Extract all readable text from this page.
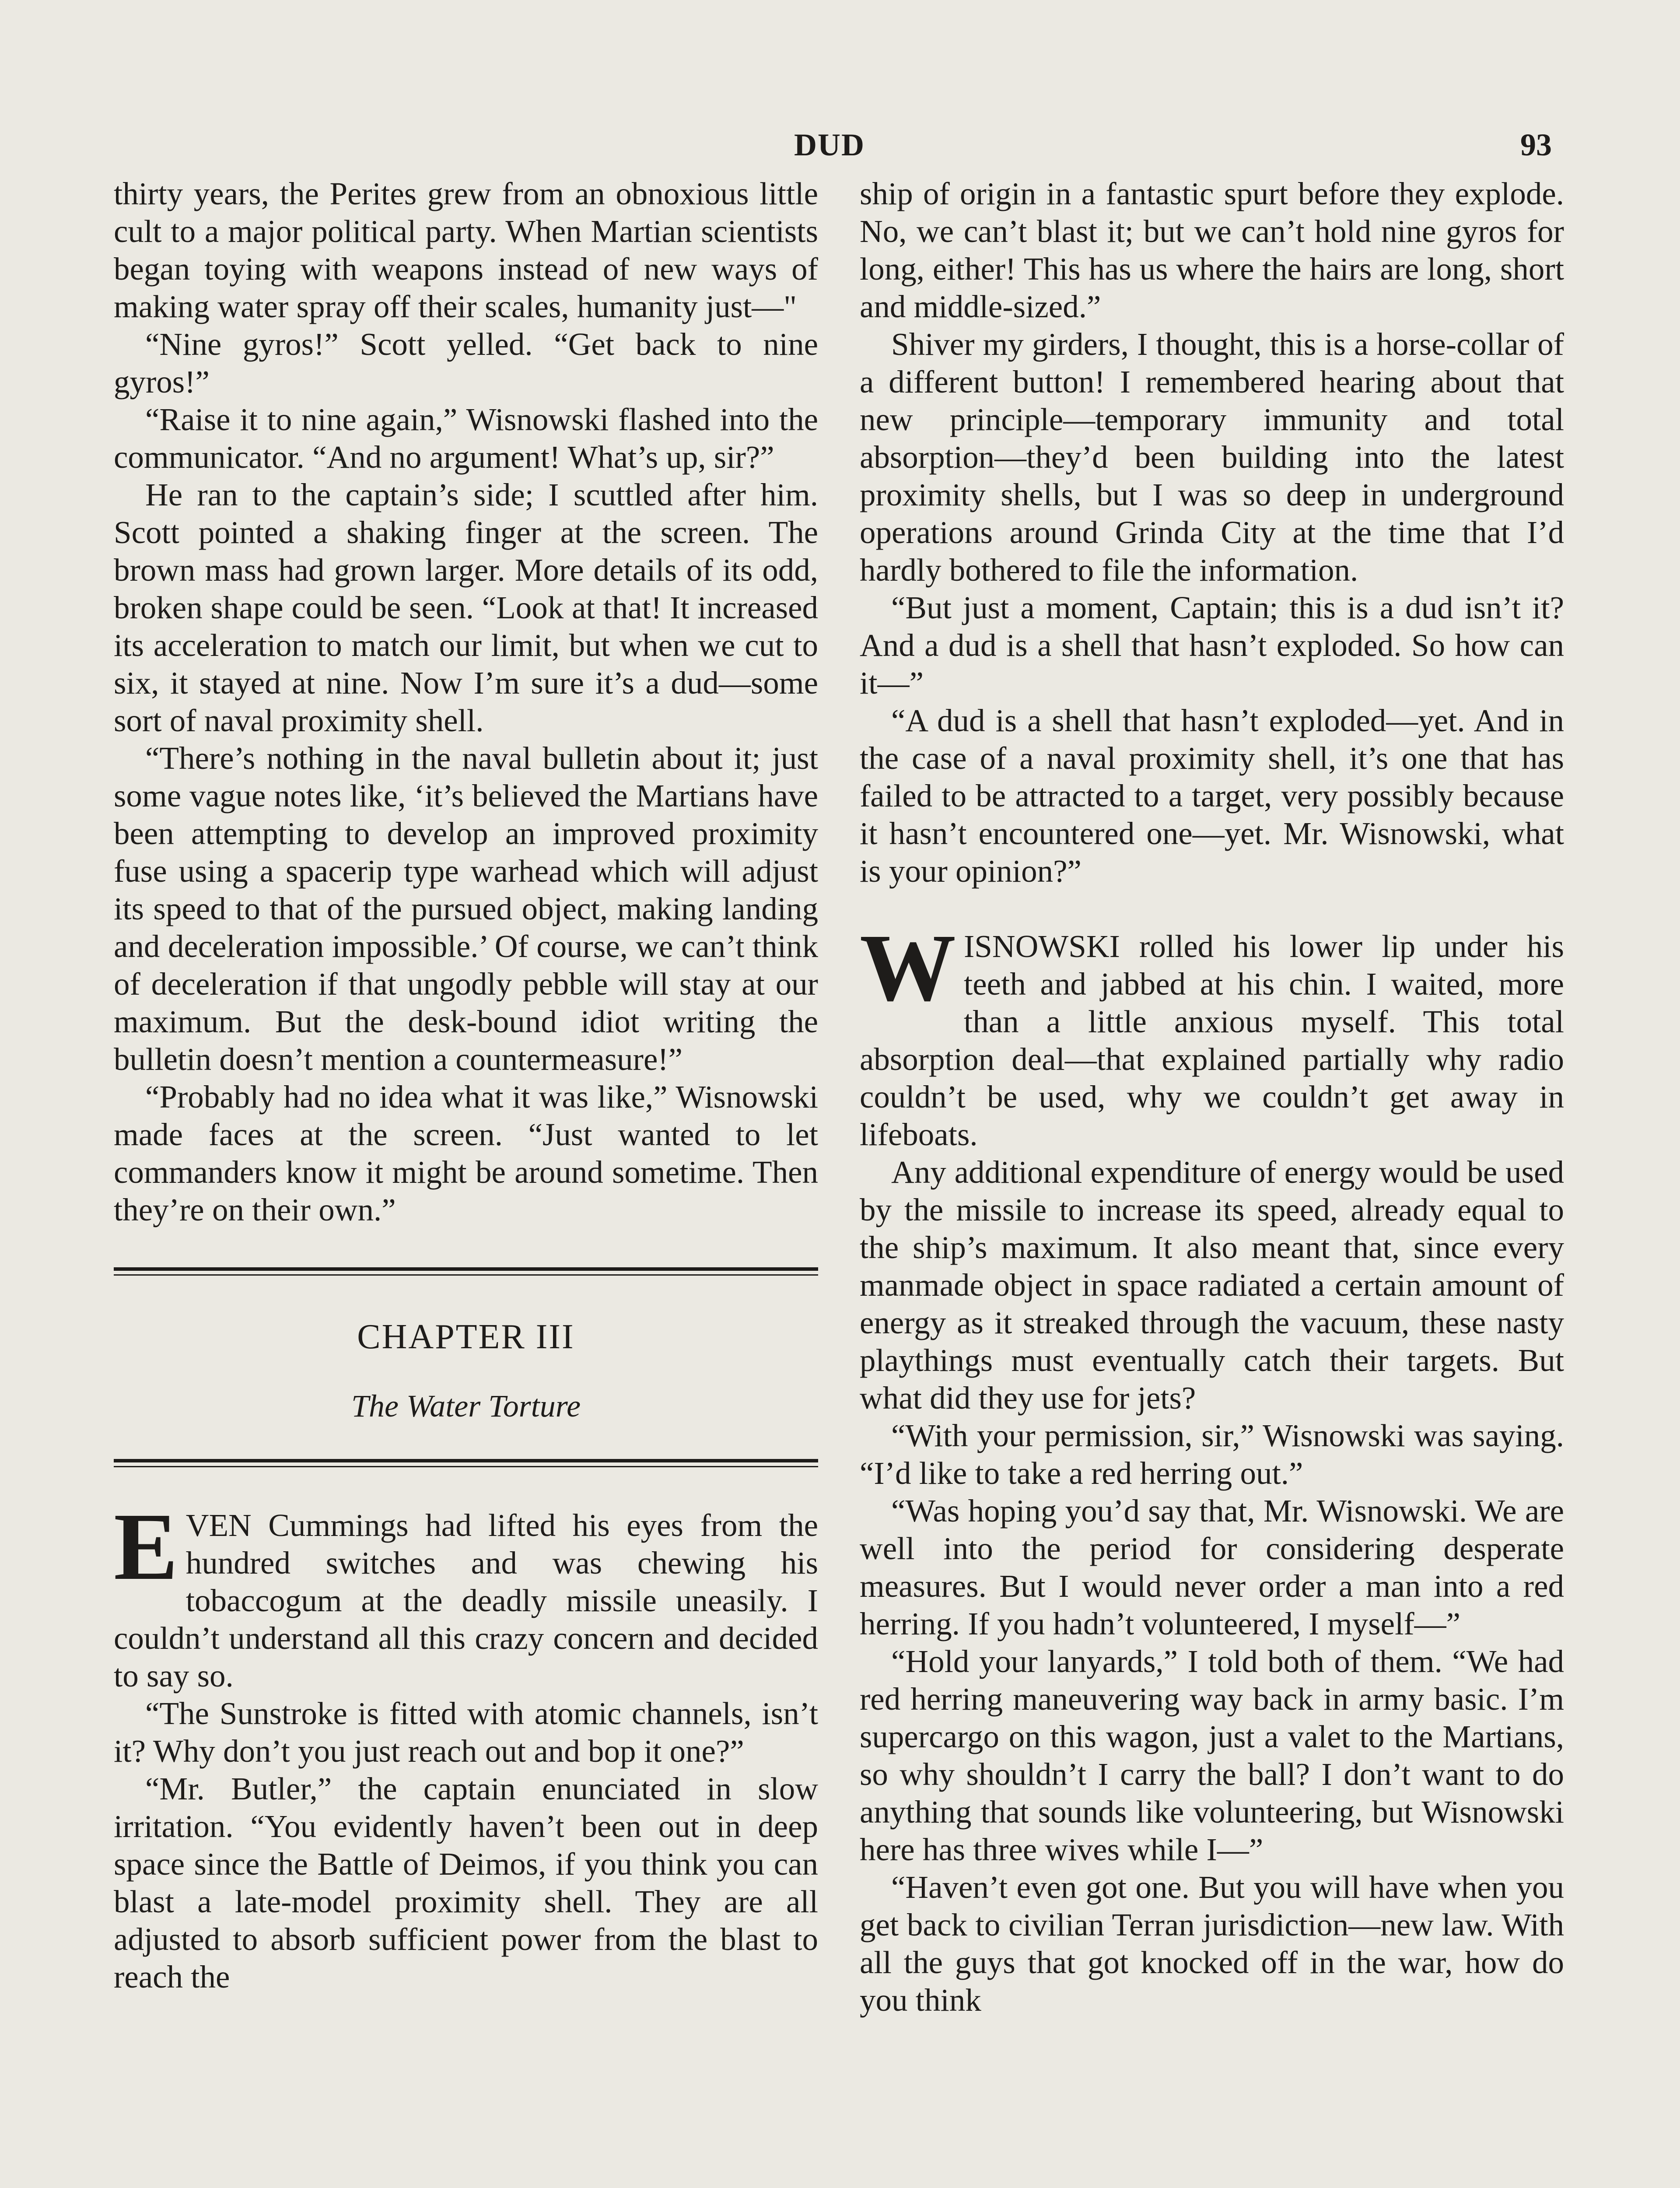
DUD	93

thirty years, the Perites grew from an obnoxious little cult to a major political party. When Martian scientists began toying with weapons instead of new ways of making water spray off their scales, humanity just—"

“Nine gyros!” Scott yelled. “Get back to nine gyros!”

“Raise it to nine again,” Wisnowski flashed into the communicator. “And no argument! What’s up, sir?”

He ran to the captain’s side; I scuttled after him. Scott pointed a shaking finger at the screen. The brown mass had grown larger. More details of its odd, broken shape could be seen. “Look at that! It increased its acceleration to match our limit, but when we cut to six, it stayed at nine. Now I’m sure it’s a dud—some sort of naval proximity shell.

“There’s nothing in the naval bulletin about it; just some vague notes like, ‘it’s believed the Martians have been attempting to develop an improved proximity fuse using a spacerip type warhead which will adjust its speed to that of the pursued object, making landing and deceleration impossible.’ Of course, we can’t think of deceleration if that ungodly pebble will stay at our maximum. But the desk-bound idiot writing the bulletin doesn’t mention a countermeasure!”

“Probably had no idea what it was like,” Wisnowski made faces at the screen. “Just wanted to let commanders know it might be around sometime. Then they’re on their own.”

CHAPTER III
The Water Torture

EVEN Cummings had lifted his eyes from the hundred switches and was chewing his tobaccogum at the deadly missile uneasily. I couldn’t understand all this crazy concern and decided to say so.

“The Sunstroke is fitted with atomic channels, isn’t it? Why don’t you just reach out and bop it one?”

“Mr. Butler,” the captain enunciated in slow irritation. “You evidently haven’t been out in deep space since the Battle of Deimos, if you think you can blast a late-model proximity shell. They are all adjusted to absorb sufficient power from the blast to reach the

ship of origin in a fantastic spurt before they explode. No, we can’t blast it; but we can’t hold nine gyros for long, either! This has us where the hairs are long, short and middle-sized.”

Shiver my girders, I thought, this is a horse-collar of a different button! I remembered hearing about that new principle—temporary immunity and total absorption—they’d been building into the latest proximity shells, but I was so deep in underground operations around Grinda City at the time that I’d hardly bothered to file the information.

“But just a moment, Captain; this is a dud isn’t it? And a dud is a shell that hasn’t exploded. So how can it—”

“A dud is a shell that hasn’t exploded—yet. And in the case of a naval proximity shell, it’s one that has failed to be attracted to a target, very possibly because it hasn’t encountered one—yet. Mr. Wisnowski, what is your opinion?”

WISNOWSKI rolled his lower lip under his teeth and jabbed at his chin. I waited, more than a little anxious myself. This total absorption deal—that explained partially why radio couldn’t be used, why we couldn’t get away in lifeboats.

Any additional expenditure of energy would be used by the missile to increase its speed, already equal to the ship’s maximum. It also meant that, since every manmade object in space radiated a certain amount of energy as it streaked through the vacuum, these nasty playthings must eventually catch their targets. But what did they use for jets?

“With your permission, sir,” Wisnowski was saying. “I’d like to take a red herring out.”

“Was hoping you’d say that, Mr. Wisnowski. We are well into the period for considering desperate measures. But I would never order a man into a red herring. If you hadn’t volunteered, I myself—”

“Hold your lanyards,” I told both of them. “We had red herring maneuvering way back in army basic. I’m supercargo on this wagon, just a valet to the Martians, so why shouldn’t I carry the ball? I don’t want to do anything that sounds like volunteering, but Wisnowski here has three wives while I—”

“Haven’t even got one. But you will have when you get back to civilian Terran jurisdiction—new law. With all the guys that got knocked off in the war, how do you think
